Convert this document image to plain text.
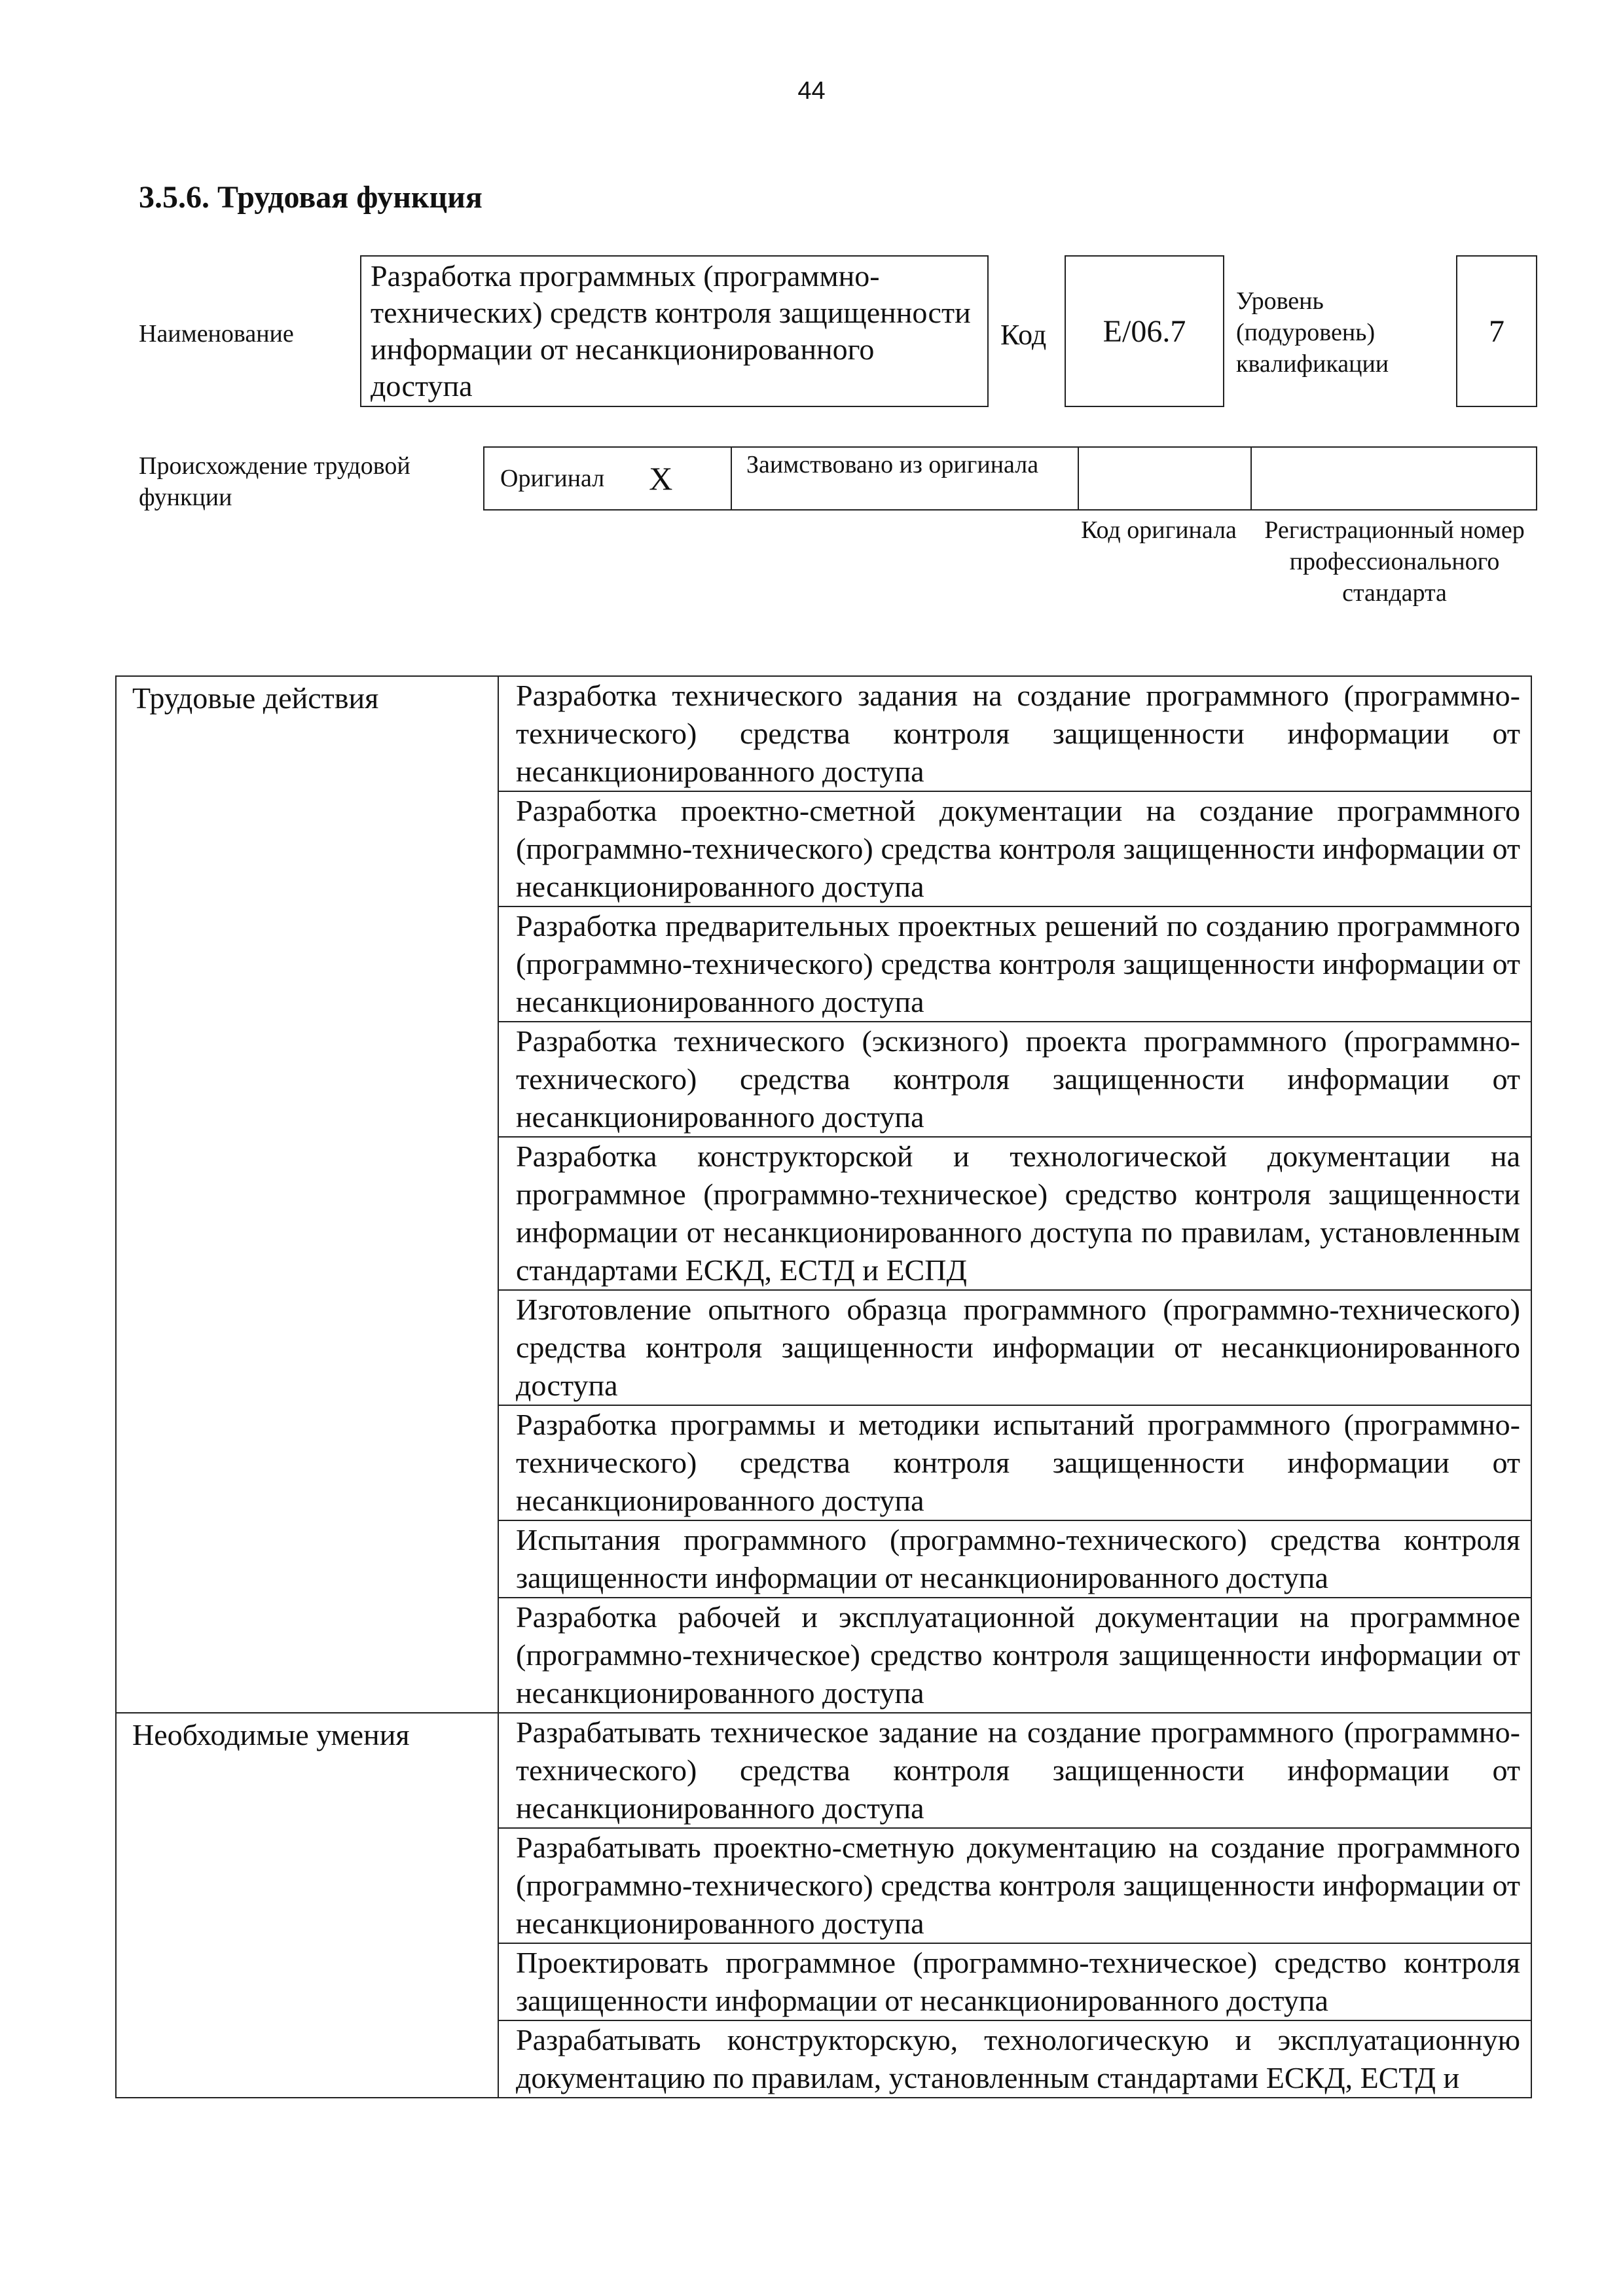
44
3.5.6. Трудовая функция
Наименование
Разработка программных (программно-технических) средств контроля защищенности информации от несанкционированного доступа
Код E/06.7
Уровень (подуровень) квалификации
7
Происхождение трудовой функции
Оригинал X	Заимствовано из оригинала
Код оригинала	Регистрационный номер профессионального стандарта
Трудовые действия	Разработка технического задания на создание программного (программно-технического) средства контроля защищенности информации от несанкционированного доступа
	Разработка проектно-сметной документации на создание программного (программно-технического) средства контроля защищенности информации от несанкционированного доступа
	Разработка предварительных проектных решений по созданию программного (программно-технического) средства контроля защищенности информации от несанкционированного доступа
	Разработка технического (эскизного) проекта программного (программно-технического) средства контроля защищенности информации от несанкционированного доступа
	Разработка конструкторской и технологической документации на программное (программно-техническое) средство контроля защищенности информации от несанкционированного доступа по правилам, установленным стандартами ЕСКД, ЕСТД и ЕСПД
	Изготовление опытного образца программного (программно-технического) средства контроля защищенности информации от несанкционированного доступа
	Разработка программы и методики испытаний программного (программно-технического) средства контроля защищенности информации от несанкционированного доступа
	Испытания программного (программно-технического) средства контроля защищенности информации от несанкционированного доступа
	Разработка рабочей и эксплуатационной документации на программное (программно-техническое) средство контроля защищенности информации от несанкционированного доступа
Необходимые умения	Разрабатывать техническое задание на создание программного (программно-технического) средства контроля защищенности информации от несанкционированного доступа
	Разрабатывать проектно-сметную документацию на создание программного (программно-технического) средства контроля защищенности информации от несанкционированного доступа
	Проектировать программное (программно-техническое) средство контроля защищенности информации от несанкционированного доступа
	Разрабатывать конструкторскую, технологическую и эксплуатационную документацию по правилам, установленным стандартами ЕСКД, ЕСТД и
